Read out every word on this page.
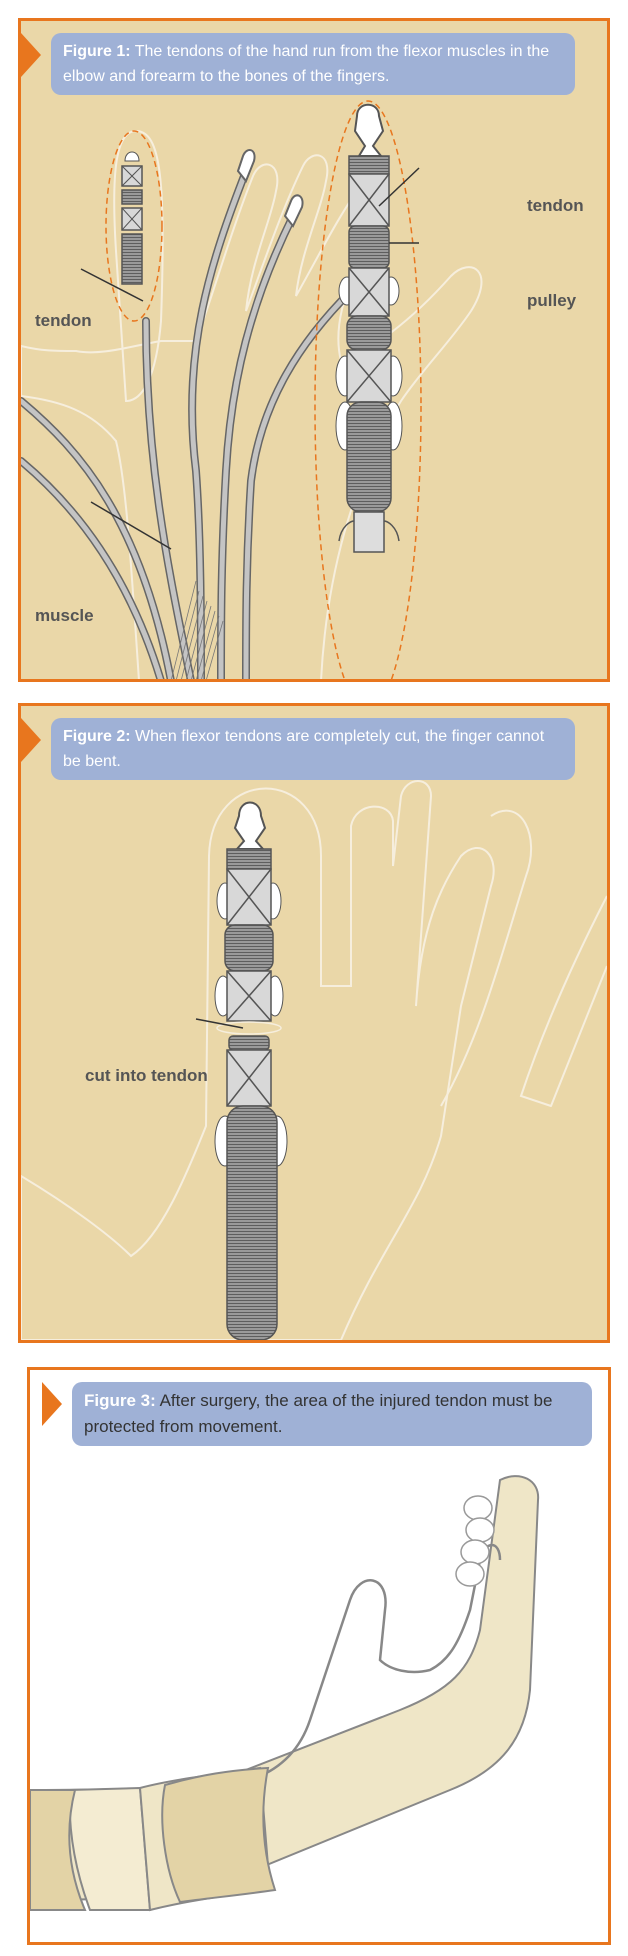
Figure 1: The tendons of the hand run from the flexor muscles in the elbow and forearm to the bones of the fingers.
tendon
muscle
tendon
pulley
Figure 2: When flexor tendons are completely cut, the finger cannot be bent.
cut into tendon
Figure 3: After surgery, the area of the injured tendon must be protected from movement.
